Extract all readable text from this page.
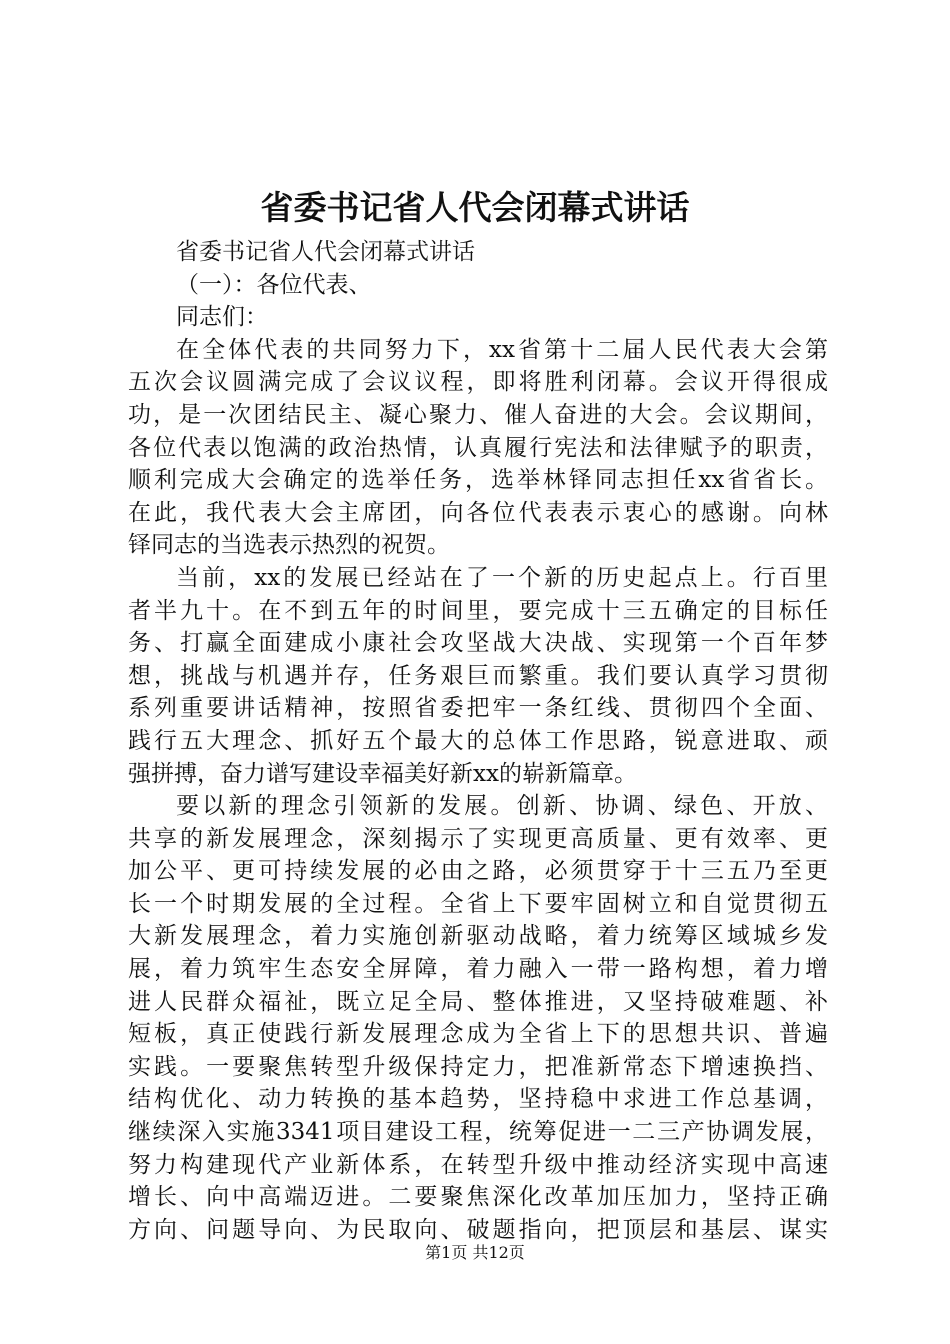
省委书记省人代会闭幕式讲话

省委书记省人代会闭幕式讲话

（一）：各位代表、

同志们：

在全体代表的共同努力下，xx省第十二届人民代表大会第

五次会议圆满完成了会议议程，即将胜利闭幕。会议开得很成

功，是一次团结民主、凝心聚力、催人奋进的大会。会议期间，

各位代表以饱满的政治热情，认真履行宪法和法律赋予的职责，

顺利完成大会确定的选举任务，选举林铎同志担任xx省省长。

在此，我代表大会主席团，向各位代表表示衷心的感谢。向林

铎同志的当选表示热烈的祝贺。

当前，xx的发展已经站在了一个新的历史起点上。行百里

者半九十。在不到五年的时间里，要完成十三五确定的目标任

务、打赢全面建成小康社会攻坚战大决战、实现第一个百年梦

想，挑战与机遇并存，任务艰巨而繁重。我们要认真学习贯彻

系列重要讲话精神，按照省委把牢一条红线、贯彻四个全面、

践行五大理念、抓好五个最大的总体工作思路，锐意进取、顽

强拼搏，奋力谱写建设幸福美好新xx的崭新篇章。

要以新的理念引领新的发展。创新、协调、绿色、开放、

共享的新发展理念，深刻揭示了实现更高质量、更有效率、更

加公平、更可持续发展的必由之路，必须贯穿于十三五乃至更

长一个时期发展的全过程。全省上下要牢固树立和自觉贯彻五

大新发展理念，着力实施创新驱动战略，着力统筹区域城乡发

展，着力筑牢生态安全屏障，着力融入一带一路构想，着力增

进人民群众福祉，既立足全局、整体推进，又坚持破难题、补

短板，真正使践行新发展理念成为全省上下的思想共识、普遍

实践。一要聚焦转型升级保持定力，把准新常态下增速换挡、

结构优化、动力转换的基本趋势，坚持稳中求进工作总基调，

继续深入实施3341项目建设工程，统筹促进一二三产协调发展，

努力构建现代产业新体系，在转型升级中推动经济实现中高速

增长、向中高端迈进。二要聚焦深化改革加压加力，坚持正确

方向、问题导向、为民取向、破题指向，把顶层和基层、谋实

第1页 共12页
